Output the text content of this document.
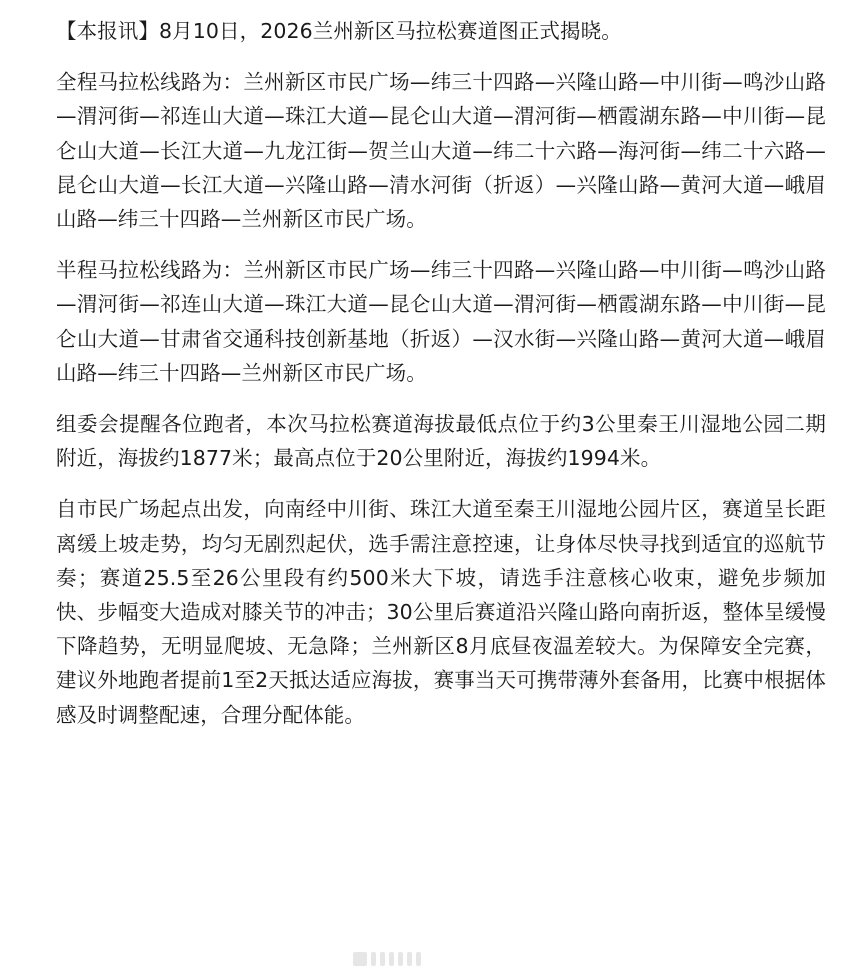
【本报讯】8月10日，2026兰州新区马拉松赛道图正式揭晓。

全程马拉松线路为：兰州新区市民广场—纬三十四路—兴隆山路—中川街—鸣沙山路—渭河街—祁连山大道—珠江大道—昆仑山大道—渭河街—栖霞湖东路—中川街—昆仑山大道—长江大道—九龙江街—贺兰山大道—纬二十六路—海河街—纬二十六路—昆仑山大道—长江大道—兴隆山路—清水河街（折返）—兴隆山路—黄河大道—峨眉山路—纬三十四路—兰州新区市民广场。

半程马拉松线路为：兰州新区市民广场—纬三十四路—兴隆山路—中川街—鸣沙山路—渭河街—祁连山大道—珠江大道—昆仑山大道—渭河街—栖霞湖东路—中川街—昆仑山大道—甘肃省交通科技创新基地（折返）—汉水街—兴隆山路—黄河大道—峨眉山路—纬三十四路—兰州新区市民广场。

组委会提醒各位跑者，本次马拉松赛道海拔最低点位于约3公里秦王川湿地公园二期附近，海拔约1877米；最高点位于20公里附近，海拔约1994米。

自市民广场起点出发，向南经中川街、珠江大道至秦王川湿地公园片区，赛道呈长距离缓上坡走势，均匀无剧烈起伏，选手需注意控速，让身体尽快寻找到适宜的巡航节奏；赛道25.5至26公里段有约500米大下坡，请选手注意核心收束，避免步频加快、步幅变大造成对膝关节的冲击；30公里后赛道沿兴隆山路向南折返，整体呈缓慢下降趋势，无明显爬坡、无急降；兰州新区8月底昼夜温差较大。为保障安全完赛，建议外地跑者提前1至2天抵达适应海拔，赛事当天可携带薄外套备用，比赛中根据体感及时调整配速，合理分配体能。
